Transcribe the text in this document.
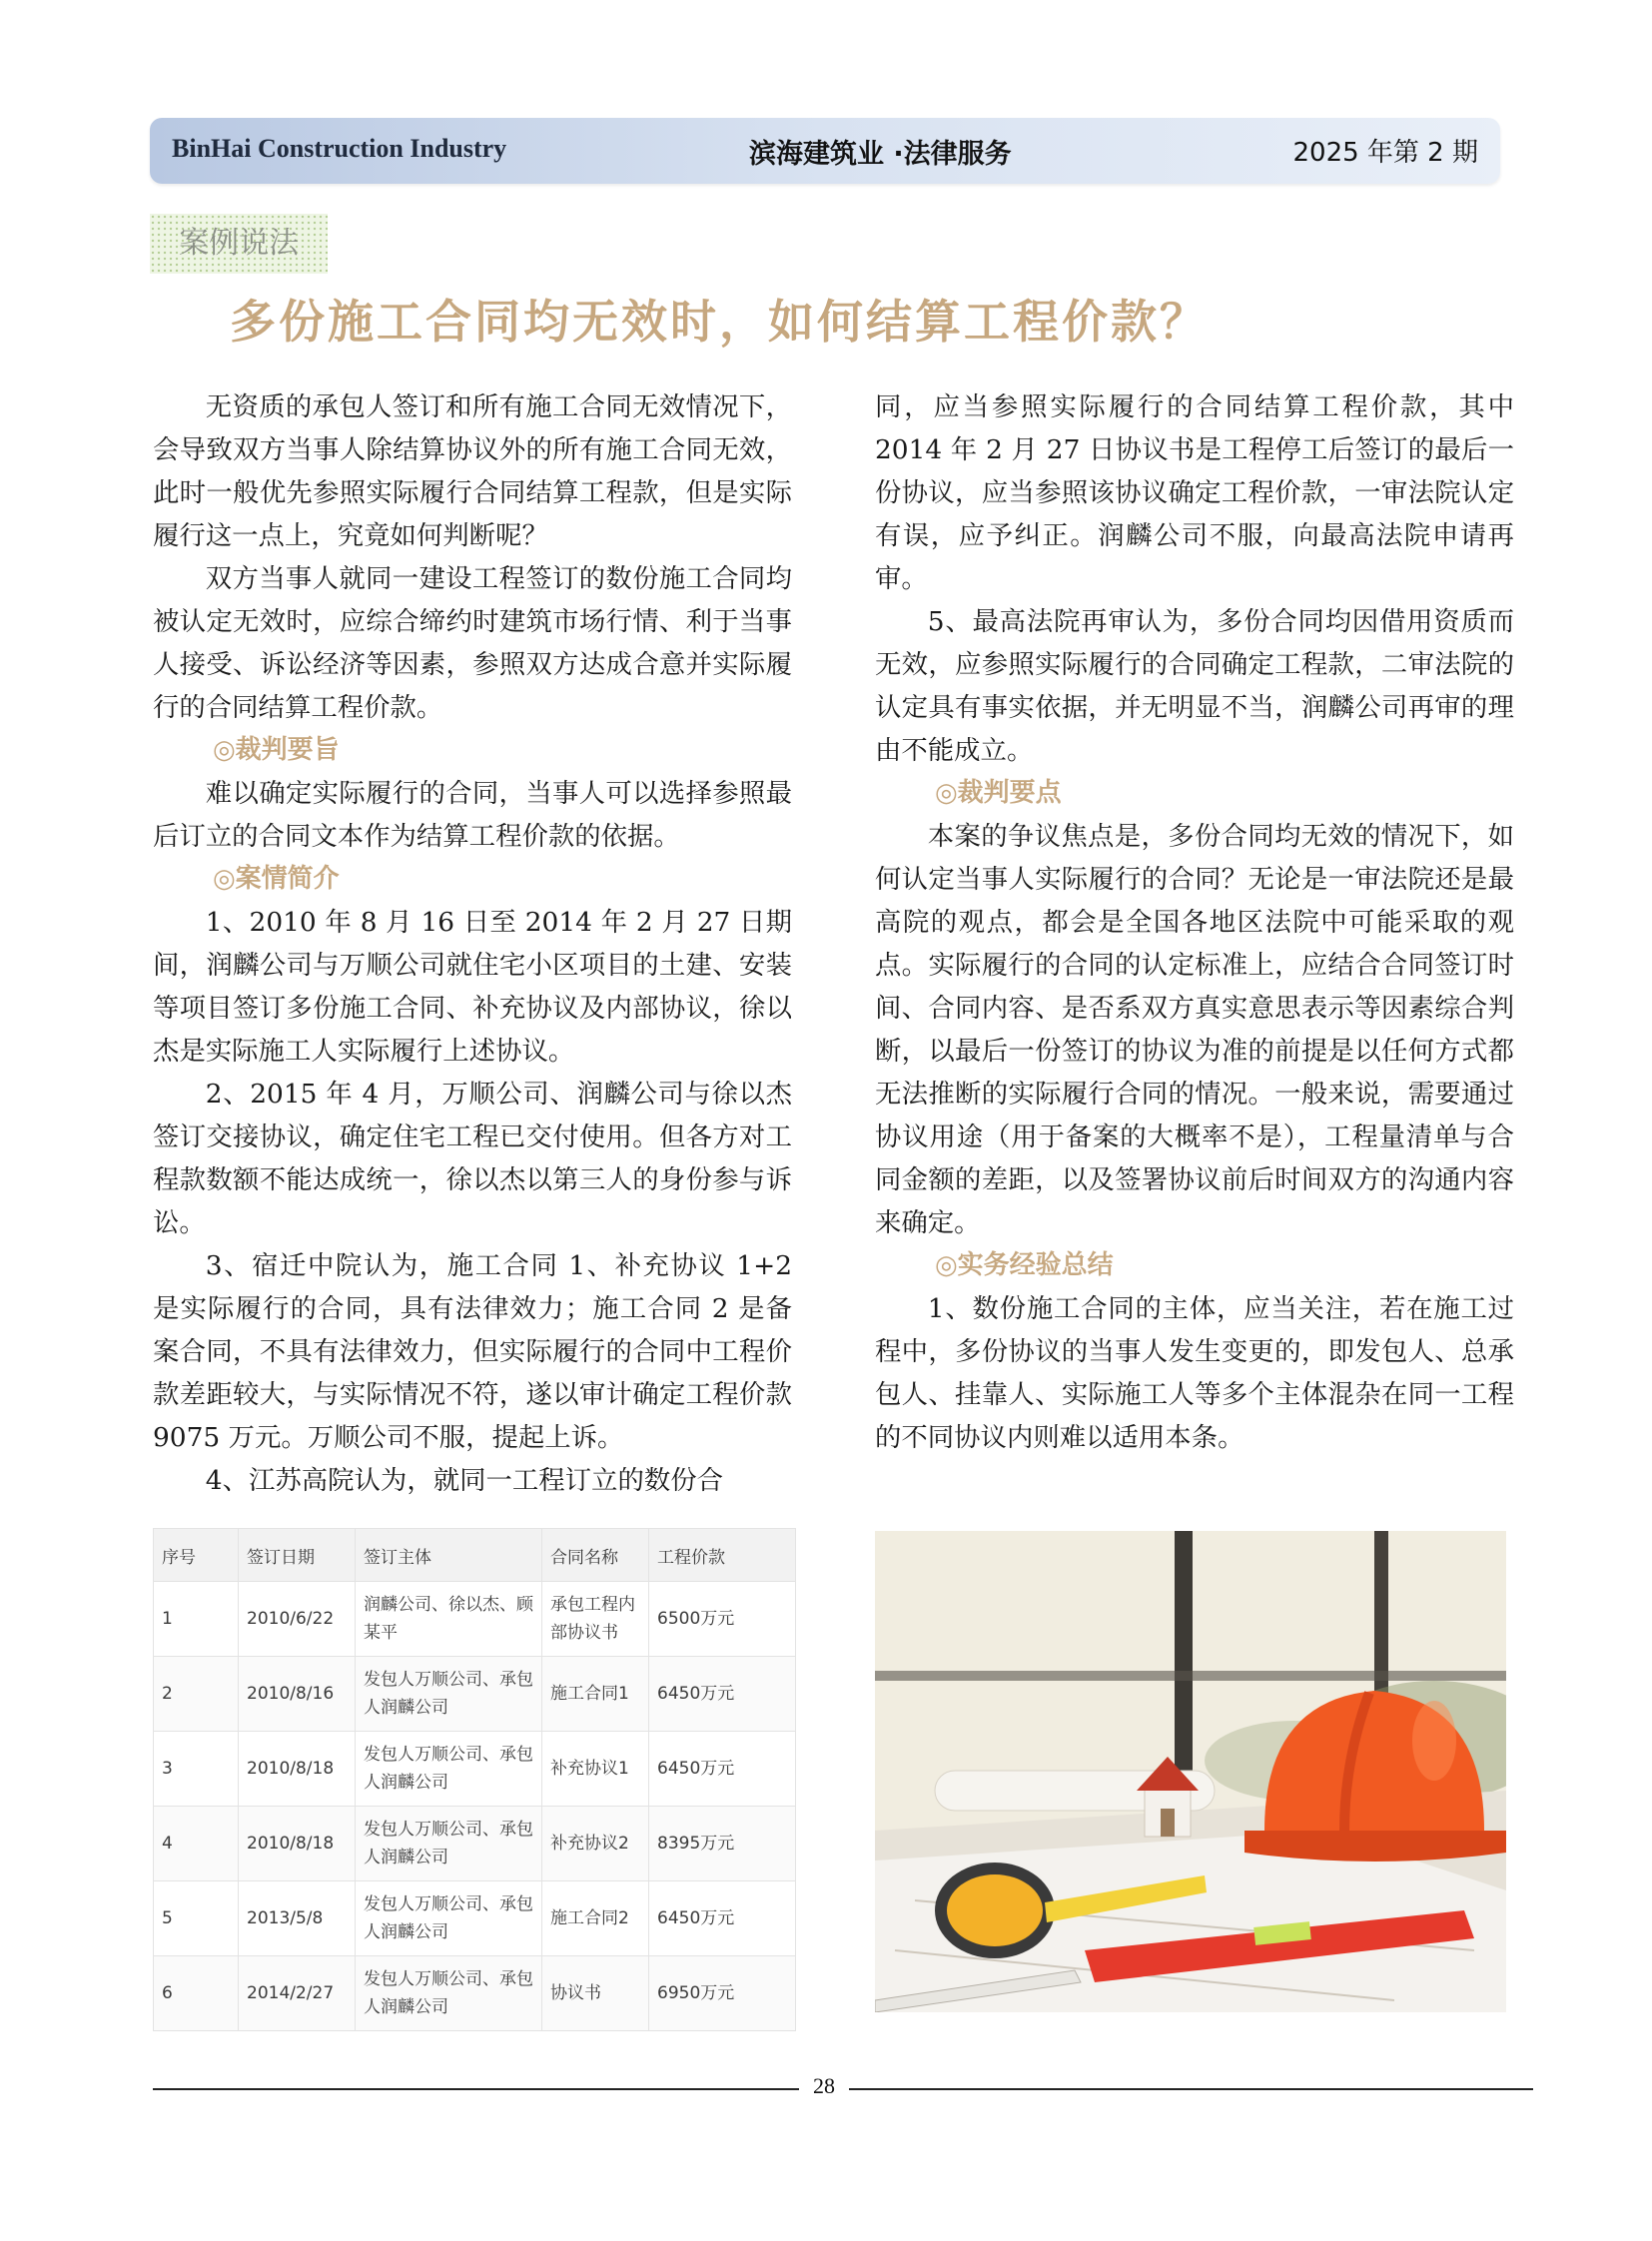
BinHai Construction Industry	滨海建筑业 ·法律服务	2025 年第 2 期
案例说法
多份施工合同均无效时，如何结算工程价款？

无资质的承包人签订和所有施工合同无效情况下，会导致双方当事人除结算协议外的所有施工合同无效，此时一般优先参照实际履行合同结算工程款，但是实际履行这一点上，究竟如何判断呢？

双方当事人就同一建设工程签订的数份施工合同均被认定无效时，应综合缔约时建筑市场行情、利于当事人接受、诉讼经济等因素，参照双方达成合意并实际履行的合同结算工程价款。

◎裁判要旨

难以确定实际履行的合同，当事人可以选择参照最后订立的合同文本作为结算工程价款的依据。

◎案情简介

1、2010 年 8 月 16 日至 2014 年 2 月 27 日期间，润麟公司与万顺公司就住宅小区项目的土建、安装等项目签订多份施工合同、补充协议及内部协议，徐以杰是实际施工人实际履行上述协议。

2、2015 年 4 月，万顺公司、润麟公司与徐以杰签订交接协议，确定住宅工程已交付使用。但各方对工程款数额不能达成统一，徐以杰以第三人的身份参与诉讼。

3、宿迁中院认为，施工合同 1、补充协议 1+2 是实际履行的合同，具有法律效力；施工合同 2 是备案合同，不具有法律效力，但实际履行的合同中工程价款差距较大，与实际情况不符，遂以审计确定工程价款 9075 万元。万顺公司不服，提起上诉。

4、江苏高院认为，就同一工程订立的数份合

同，应当参照实际履行的合同结算工程价款，其中 2014 年 2 月 27 日协议书是工程停工后签订的最后一份协议，应当参照该协议确定工程价款，一审法院认定有误，应予纠正。润麟公司不服，向最高法院申请再审。

5、最高法院再审认为，多份合同均因借用资质而无效，应参照实际履行的合同确定工程款，二审法院的认定具有事实依据，并无明显不当，润麟公司再审的理由不能成立。

◎裁判要点

本案的争议焦点是，多份合同均无效的情况下，如何认定当事人实际履行的合同？无论是一审法院还是最高院的观点，都会是全国各地区法院中可能采取的观点。实际履行的合同的认定标准上，应结合合同签订时间、合同内容、是否系双方真实意思表示等因素综合判断，以最后一份签订的协议为准的前提是以任何方式都无法推断的实际履行合同的情况。一般来说，需要通过协议用途（用于备案的大概率不是），工程量清单与合同金额的差距，以及签署协议前后时间双方的沟通内容来确定。

◎实务经验总结

1、数份施工合同的主体，应当关注，若在施工过程中，多份协议的当事人发生变更的，即发包人、总承包人、挂靠人、实际施工人等多个主体混杂在同一工程的不同协议内则难以适用本条。

序号	签订日期	签订主体	合同名称	工程价款
1	2010/6/22	润麟公司、徐以杰、顾某平	承包工程内部协议书	6500万元
2	2010/8/16	发包人万顺公司、承包人润麟公司	施工合同1	6450万元
3	2010/8/18	发包人万顺公司、承包人润麟公司	补充协议1	6450万元
4	2010/8/18	发包人万顺公司、承包人润麟公司	补充协议2	8395万元
5	2013/5/8	发包人万顺公司、承包人润麟公司	施工合同2	6450万元
6	2014/2/27	发包人万顺公司、承包人润麟公司	协议书	6950万元
28
